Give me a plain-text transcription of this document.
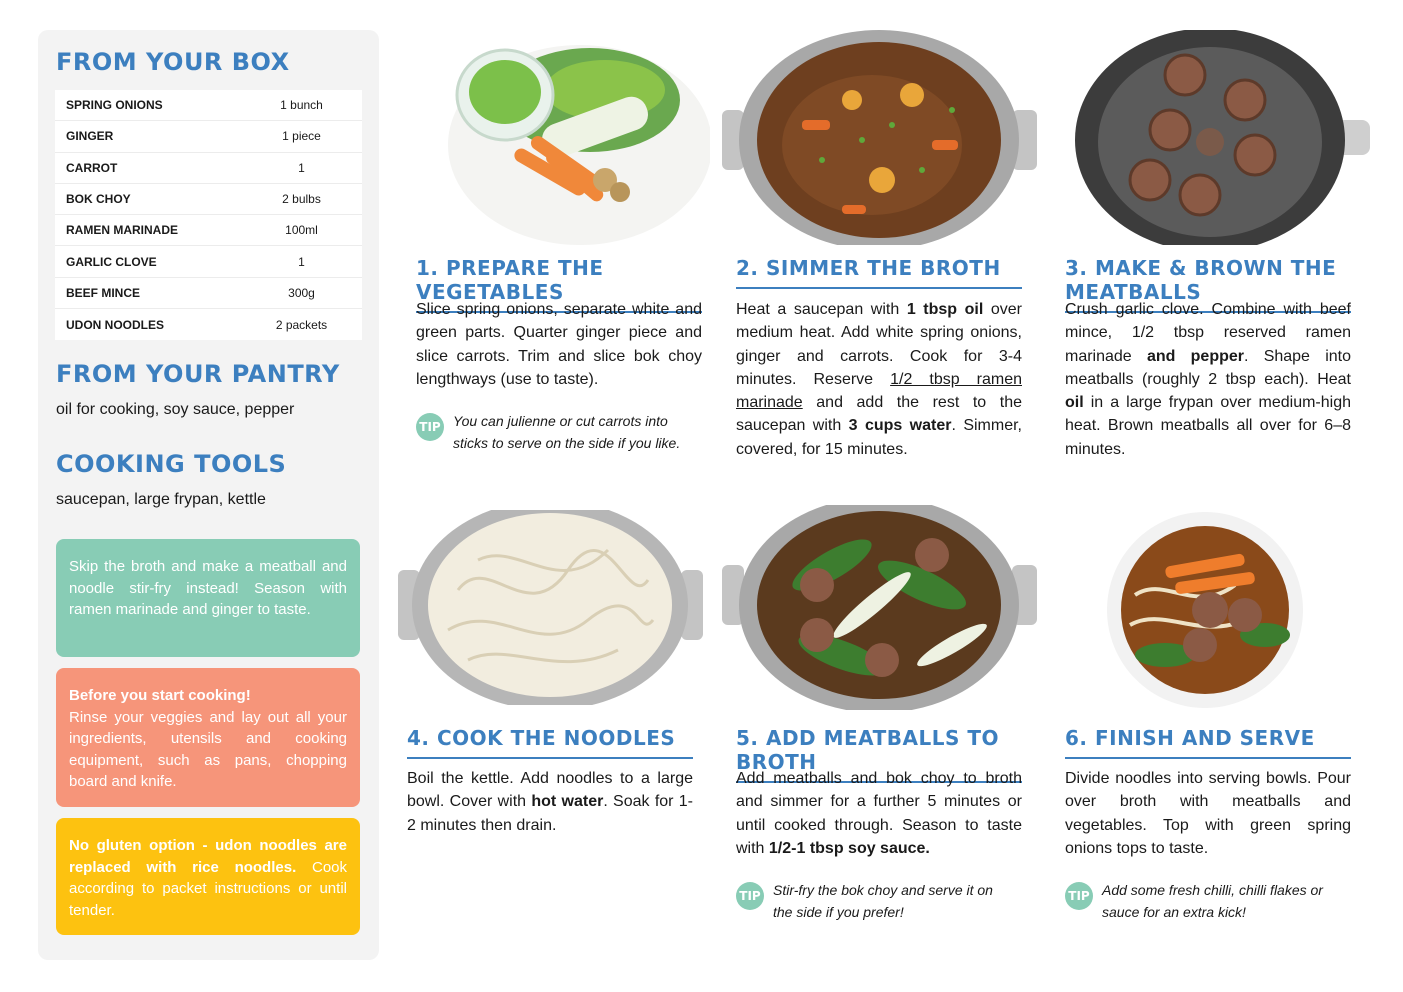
FROM YOUR BOX
SPRING ONIONS	1 bunch
GINGER	1 piece
CARROT	1
BOK CHOY	2 bulbs
RAMEN MARINADE	100ml
GARLIC CLOVE	1
BEEF MINCE	300g
UDON NOODLES	2 packets
FROM YOUR PANTRY
oil for cooking, soy sauce, pepper
COOKING TOOLS
saucepan, large frypan, kettle
Skip the broth and make a meatball and noodle stir-fry instead! Season with ramen marinade and ginger to taste.
Before you start cooking!
Rinse your veggies and lay out all your ingredients, utensils and cooking equipment, such as pans, chopping board and knife.
No gluten option - udon noodles are replaced with rice noodles. Cook according to packet instructions or until tender.
1. PREPARE THE VEGETABLES
Slice spring onions, separate white and green parts. Quarter ginger piece and slice carrots. Trim and slice bok choy lengthways (use to taste).
TIP You can julienne or cut carrots into sticks to serve on the side if you like.
2. SIMMER THE BROTH
Heat a saucepan with 1 tbsp oil over medium heat. Add white spring onions, ginger and carrots. Cook for 3-4 minutes. Reserve 1/2 tbsp ramen marinade and add the rest to the saucepan with 3 cups water. Simmer, covered, for 15 minutes.
3. MAKE & BROWN THE MEATBALLS
Crush garlic clove. Combine with beef mince, 1/2 tbsp reserved ramen marinade and pepper. Shape into meatballs (roughly 2 tbsp each). Heat oil in a large frypan over medium-high heat. Brown meatballs all over for 6–8 minutes.
4. COOK THE NOODLES
Boil the kettle. Add noodles to a large bowl. Cover with hot water. Soak for 1-2 minutes then drain.
5. ADD MEATBALLS TO BROTH
Add meatballs and bok choy to broth and simmer for a further 5 minutes or until cooked through. Season to taste with 1/2-1 tbsp soy sauce.
TIP Stir-fry the bok choy and serve it on the side if you prefer!
6. FINISH AND SERVE
Divide noodles into serving bowls. Pour over broth with meatballs and vegetables. Top with green spring onions tops to taste.
TIP Add some fresh chilli, chilli flakes or sauce for an extra kick!
